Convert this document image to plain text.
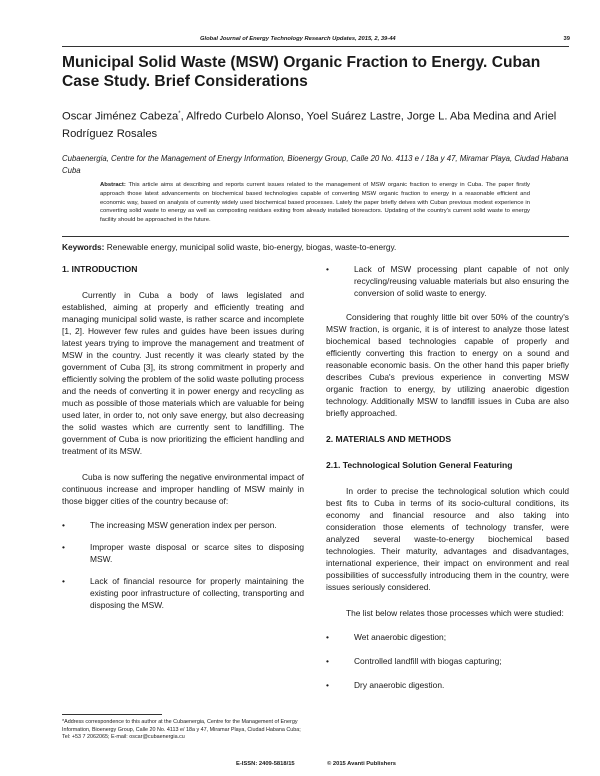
Global Journal of Energy Technology Research Updates, 2015, 2, 39-44	39
Municipal Solid Waste (MSW) Organic Fraction to Energy. Cuban Case Study. Brief Considerations
Oscar Jiménez Cabeza*, Alfredo Curbelo Alonso, Yoel Suárez Lastre, Jorge L. Aba Medina and Ariel Rodríguez Rosales
Cubaenergia, Centre for the Management of Energy Information, Bioenergy Group, Calle 20 No. 4113 e / 18a y 47, Miramar Playa, Ciudad Habana Cuba
Abstract: This article aims at describing and reports current issues related to the management of MSW organic fraction to energy in Cuba. The paper firstly approach those latest advancements on biochemical based technologies capable of converting MSW organic fraction to energy in a reasonable efficient and economic way, based on analysis of currently widely used biochemical based processes. Lately the paper briefly delves with Cuban previous modest experience in converting solid waste to energy as well as composting residues exiting from already installed bioreactors. Updating of the country's current solid waste to energy facility should be approached in the future.
Keywords: Renewable energy, municipal solid waste, bio-energy, biogas, waste-to-energy.
1. INTRODUCTION

Currently in Cuba a body of laws legislated and established, aiming at properly and efficiently treating and managing municipal solid waste, is rather scarce and incomplete [1, 2]. However few rules and guides have been issues during latest years trying to improve the management and treatment of MSW in the country. Just recently it was clearly stated by the government of Cuba [3], its strong commitment in properly and efficiently solving the problem of the solid waste polluting process and the needs of converting it in power energy and recycling as much as possible of those materials which are valuable for being used later, in order to, not only save energy, but also decreasing the solid wastes which are currently sent to landfilling. The government of Cuba is now prioritizing the efficient handling and treatment of its MSW.

Cuba is now suffering the negative environmental impact of continuous increase and improper handling of MSW mainly in those bigger cities of the country because of:

•	The increasing MSW generation index per person.
•	Improper waste disposal or scarce sites to disposing MSW.
•	Lack of financial resource for properly maintaining the existing poor infrastructure of collecting, transporting and disposing the MSW.
•	Lack of MSW processing plant capable of not only recycling/reusing valuable materials but also ensuring the conversion of solid waste to energy.

Considering that roughly little bit over 50% of the country's MSW fraction, is organic, it is of interest to analyze those latest biochemical based technologies capable of properly and efficiently converting this fraction to energy on a sound and reasonable economic basis. On the other hand this paper briefly describes Cuba's previous experience in converting MSW organic fraction to energy, by utilizing anaerobic digestion technology. Additionally MSW to landfill issues in Cuba are also briefly approached.

2. MATERIALS AND METHODS
2.1. Technological Solution General Featuring

In order to precise the technological solution which could best fits to Cuba in terms of its socio-cultural conditions, its economy and financial resource and also taking into consideration those elements of technology transfer, were analyzed several waste-to-energy biochemical based technologies. Their maturity, advantages and disadvantages, international experience, their impact on environment and real possibilities of successfully introducing them in the country, were issues seriously considered.

The list below relates those processes which were studied:

•	Wet anaerobic digestion;
•	Controlled landfill with biogas capturing;
•	Dry anaerobic digestion.
*Address correspondence to this author at the Cubaenergia, Centre for the Management of Energy Information, Bioenergy Group, Calle 20 No. 4113 e/ 18a y 47, Miramar Playa, Ciudad Habana Cuba; Tel: +53 7 2062065; E-mail: oscar@cubaenergia.cu
E-ISSN: 2409-5818/15	© 2015 Avanti Publishers
